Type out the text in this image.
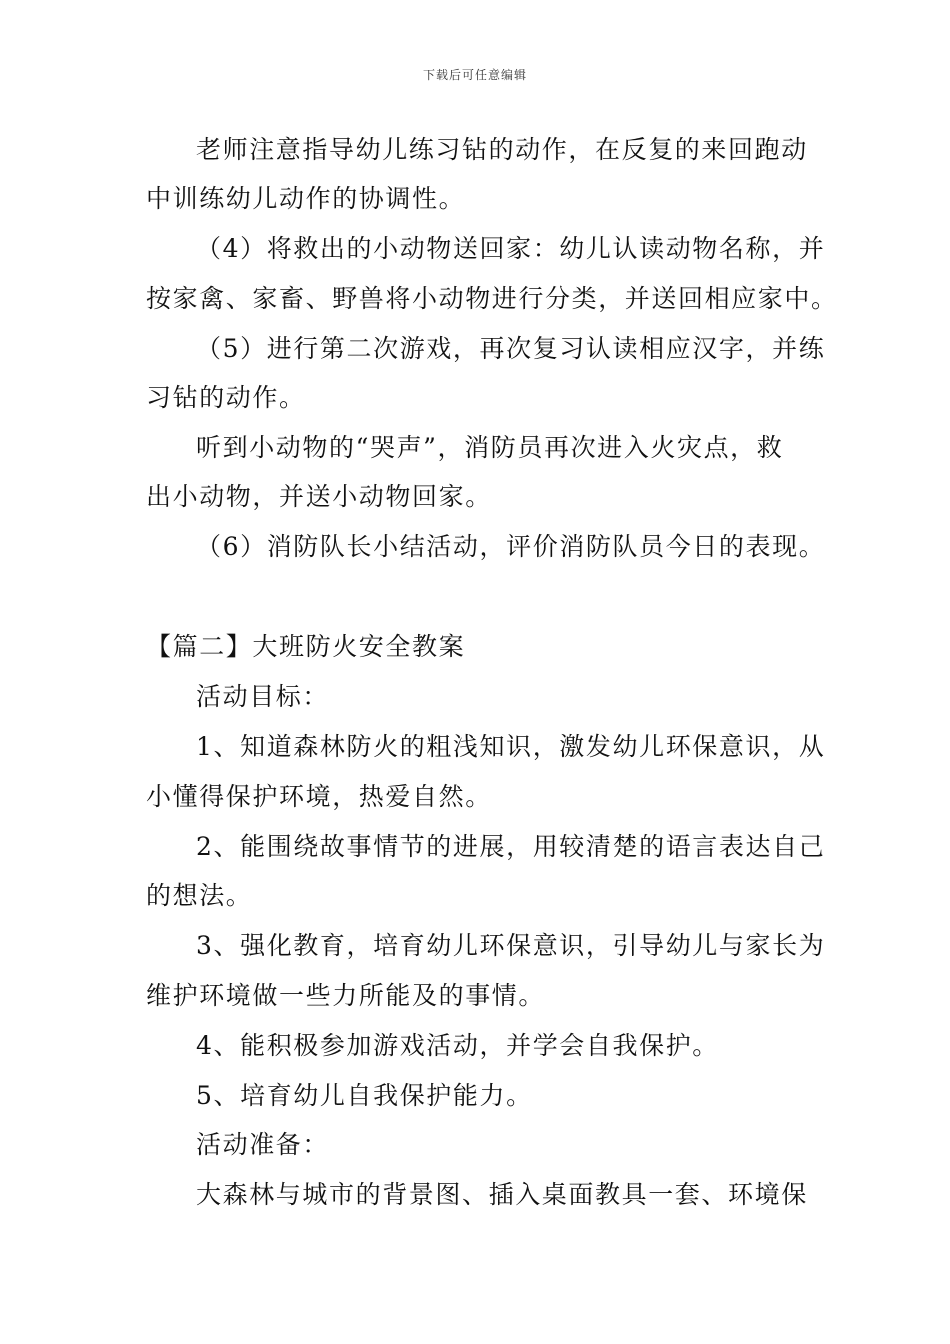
下载后可任意编辑
老师注意指导幼儿练习钻的动作，在反复的来回跑动
中训练幼儿动作的协调性。
（4）将救出的小动物送回家：幼儿认读动物名称，并
按家禽、家畜、野兽将小动物进行分类，并送回相应家中。
（5）进行第二次游戏，再次复习认读相应汉字，并练
习钻的动作。
听到小动物的“哭声”，消防员再次进入火灾点，救
出小动物，并送小动物回家。
（6）消防队长小结活动，评价消防队员今日的表现。
【篇二】大班防火安全教案
活动目标：
1、知道森林防火的粗浅知识，激发幼儿环保意识，从
小懂得保护环境，热爱自然。
2、能围绕故事情节的进展，用较清楚的语言表达自己
的想法。
3、强化教育，培育幼儿环保意识，引导幼儿与家长为
维护环境做一些力所能及的事情。
4、能积极参加游戏活动，并学会自我保护。
5、培育幼儿自我保护能力。
活动准备：
大森林与城市的背景图、插入桌面教具一套、环境保
